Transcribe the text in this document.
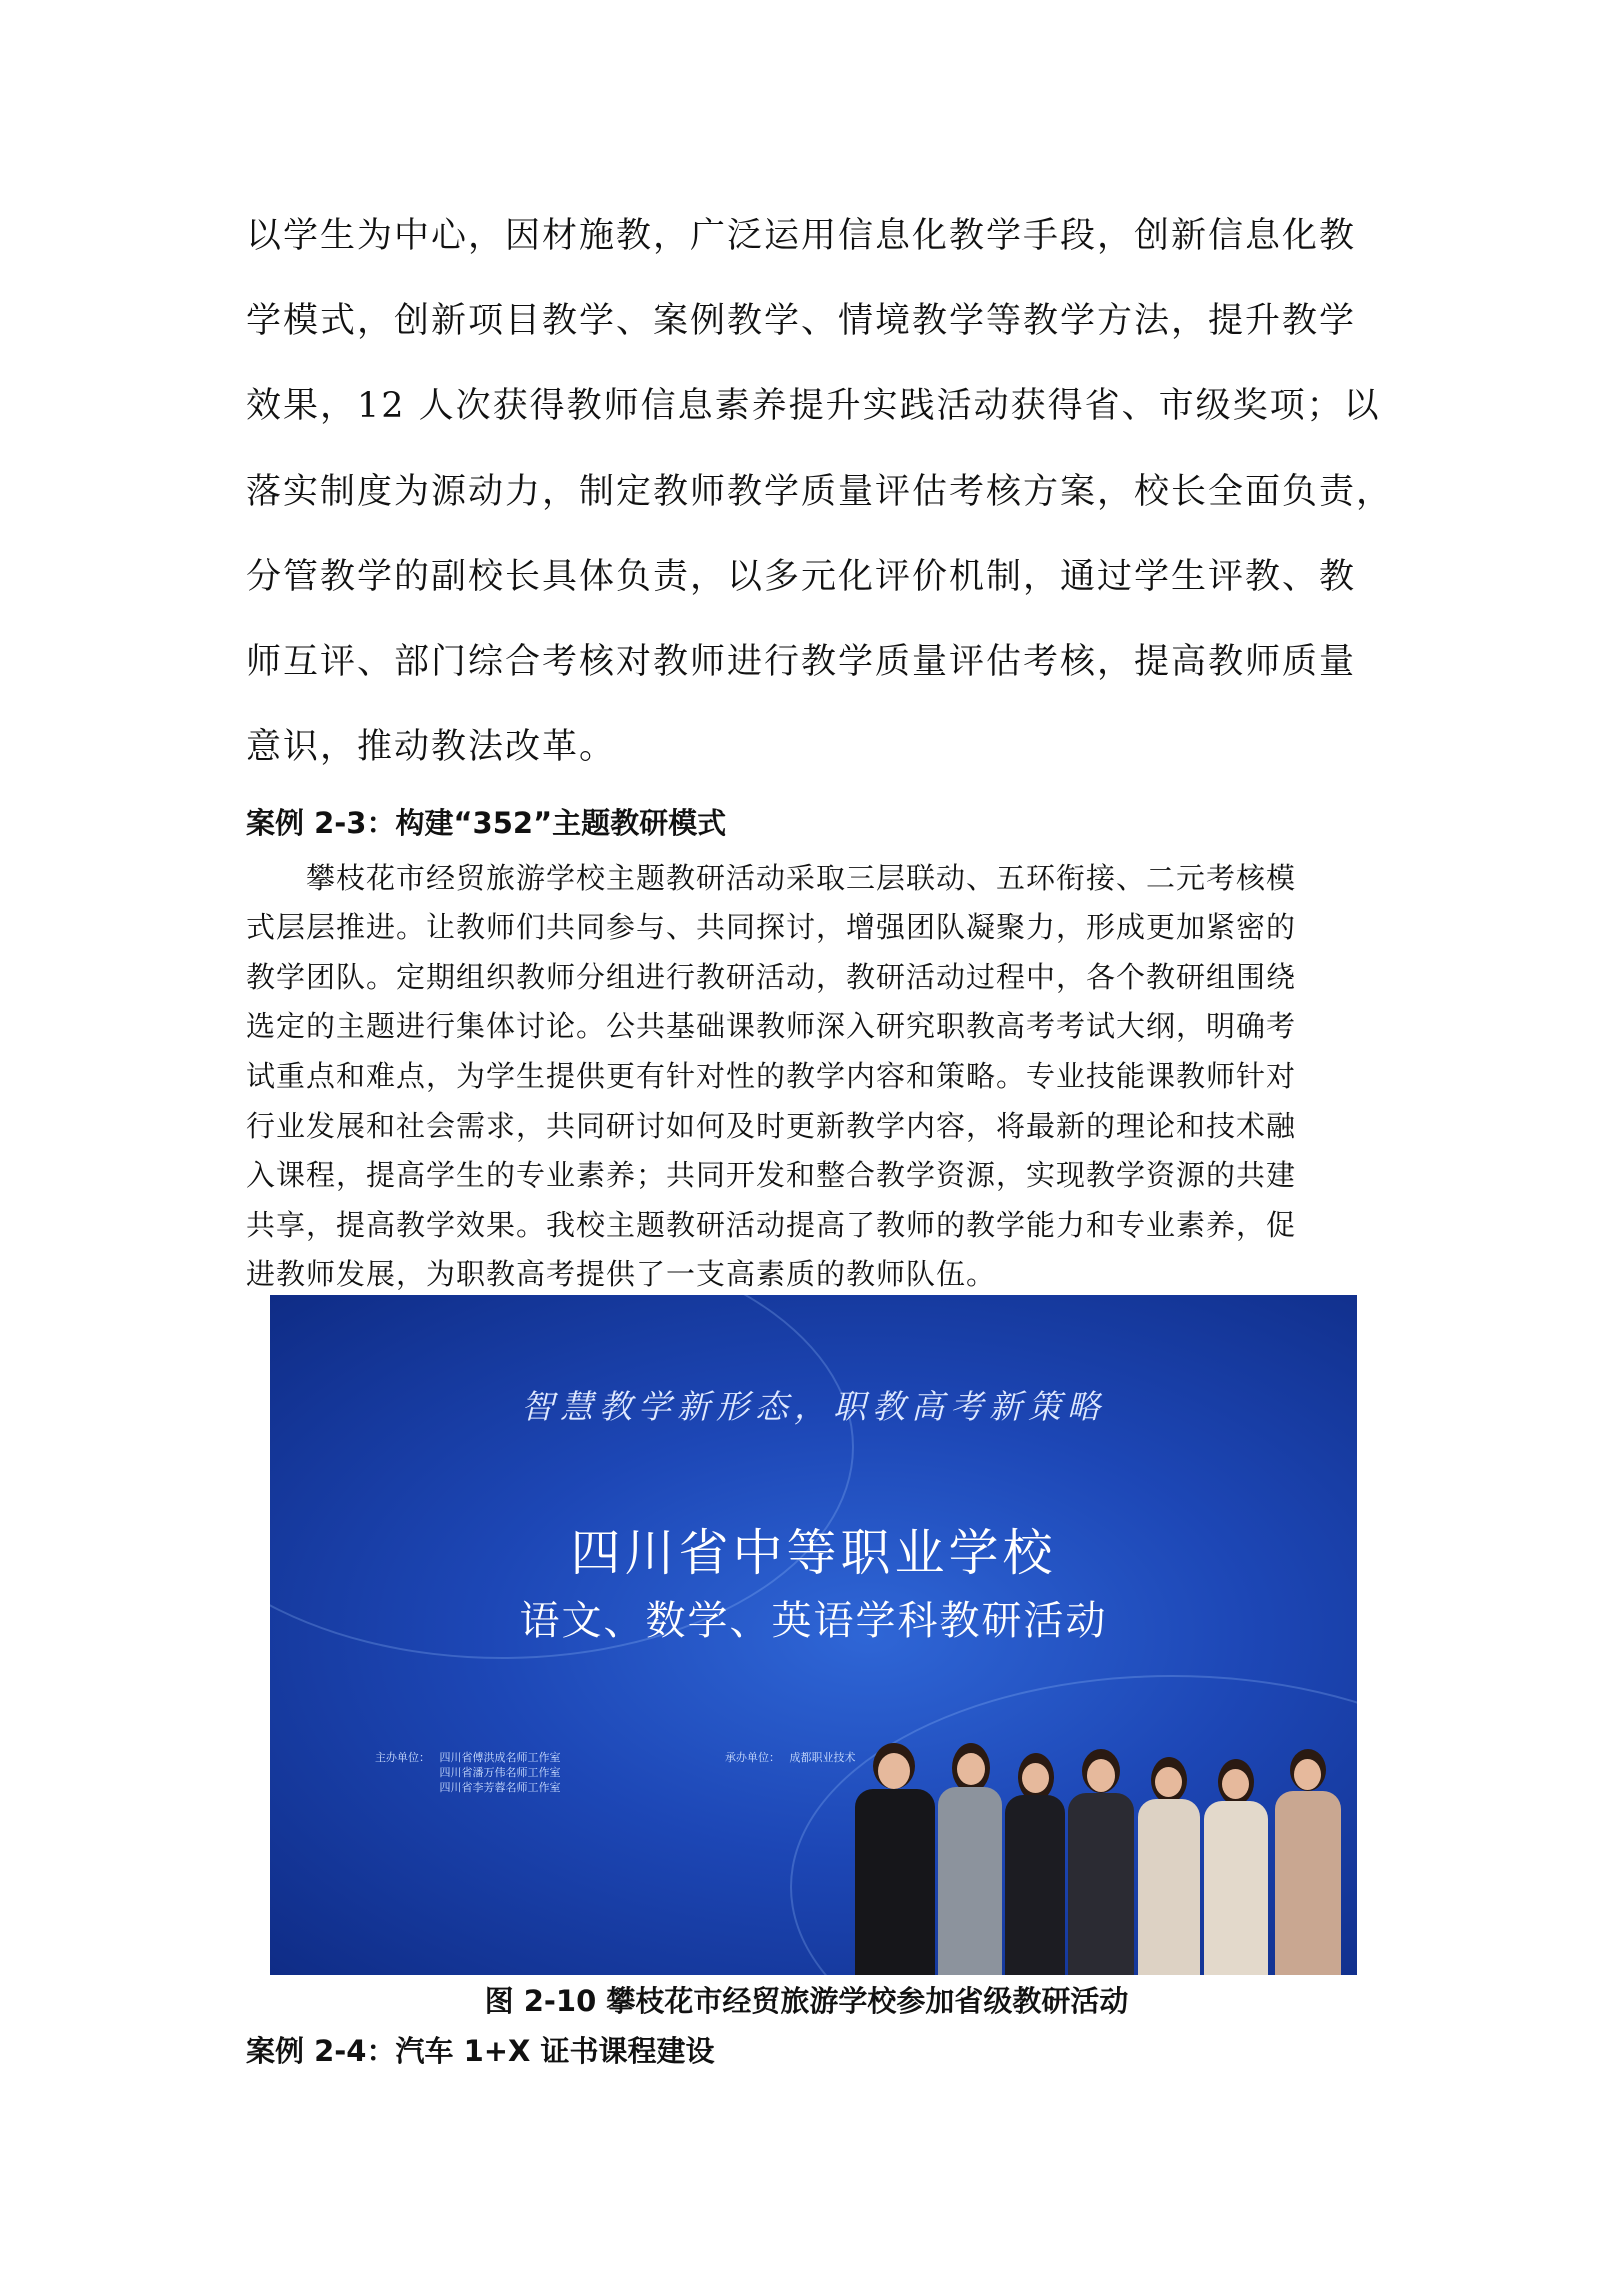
以学生为中心，因材施教，广泛运用信息化教学手段，创新信息化教
学模式，创新项目教学、案例教学、情境教学等教学方法，提升教学
效果，12 人次获得教师信息素养提升实践活动获得省、市级奖项；以
落实制度为源动力，制定教师教学质量评估考核方案，校长全面负责，
分管教学的副校长具体负责，以多元化评价机制，通过学生评教、教
师互评、部门综合考核对教师进行教学质量评估考核，提高教师质量
意识，推动教法改革。
案例 2-3：构建“352”主题教研模式
攀枝花市经贸旅游学校主题教研活动采取三层联动、五环衔接、二元考核模
式层层推进。让教师们共同参与、共同探讨，增强团队凝聚力，形成更加紧密的
教学团队。定期组织教师分组进行教研活动，教研活动过程中，各个教研组围绕
选定的主题进行集体讨论。公共基础课教师深入研究职教高考考试大纲，明确考
试重点和难点，为学生提供更有针对性的教学内容和策略。专业技能课教师针对
行业发展和社会需求，共同研讨如何及时更新教学内容，将最新的理论和技术融
入课程，提高学生的专业素养；共同开发和整合教学资源，实现教学资源的共建
共享，提高教学效果。我校主题教研活动提高了教师的教学能力和专业素养，促
进教师发展，为职教高考提供了一支高素质的教师队伍。
智慧教学新形态，职教高考新策略
四川省中等职业学校
语文、数学、英语学科教研活动
主办单位： 四川省傅洪成名师工作室
四川省潘万伟名师工作室
四川省李芳蓉名师工作室
承办单位： 成都职业技术
图 2-10 攀枝花市经贸旅游学校参加省级教研活动
案例 2-4：汽车 1+X 证书课程建设
